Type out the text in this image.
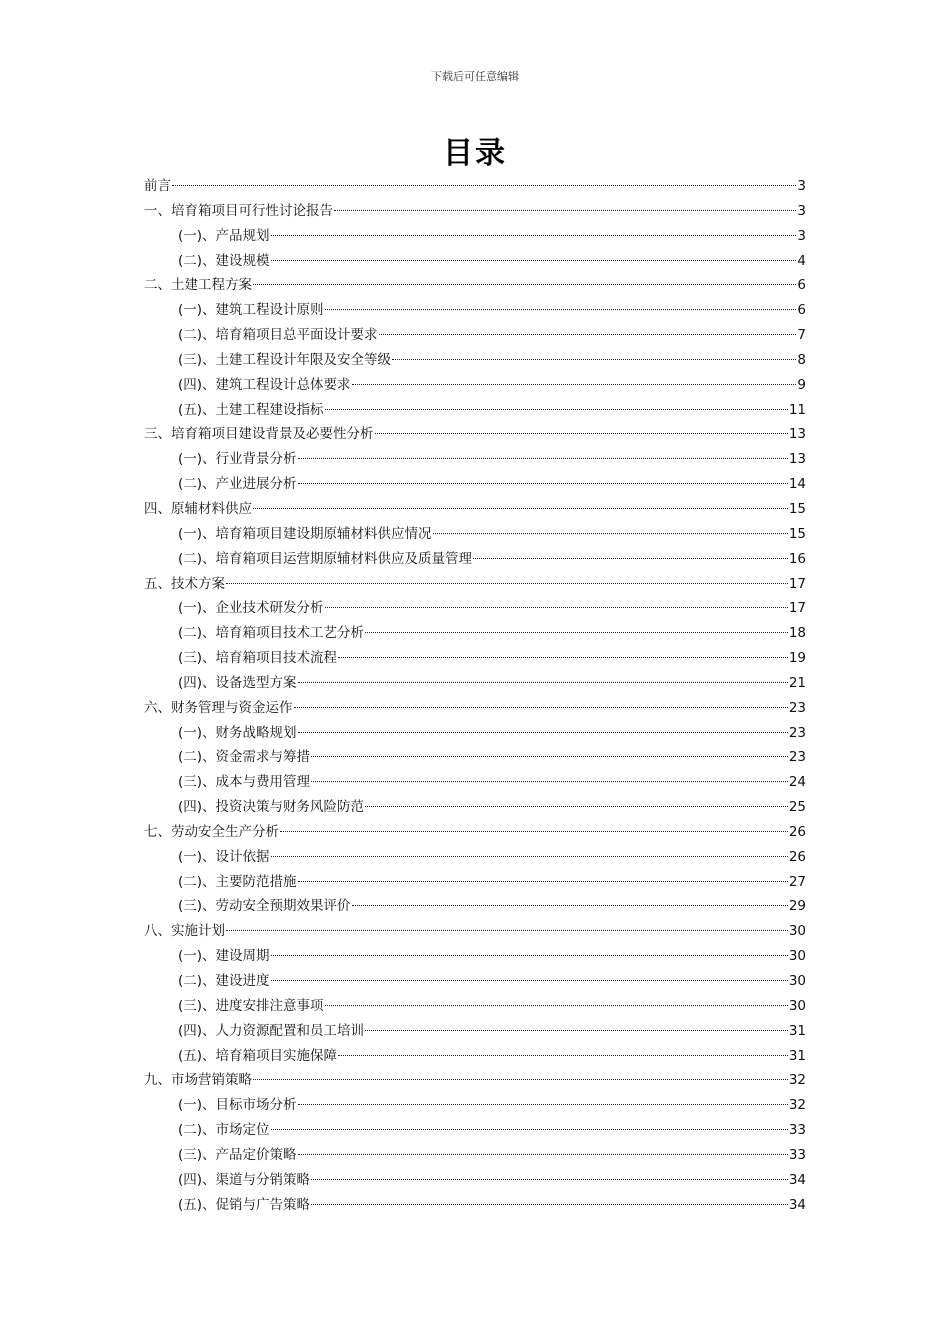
下载后可任意编辑
目录
前言	3
一、培育箱项目可行性讨论报告	3
(一)、产品规划	3
(二)、建设规模	4
二、土建工程方案	6
(一)、建筑工程设计原则	6
(二)、培育箱项目总平面设计要求	7
(三)、土建工程设计年限及安全等级	8
(四)、建筑工程设计总体要求	9
(五)、土建工程建设指标	11
三、培育箱项目建设背景及必要性分析	13
(一)、行业背景分析	13
(二)、产业进展分析	14
四、原辅材料供应	15
(一)、培育箱项目建设期原辅材料供应情况	15
(二)、培育箱项目运营期原辅材料供应及质量管理	16
五、技术方案	17
(一)、企业技术研发分析	17
(二)、培育箱项目技术工艺分析	18
(三)、培育箱项目技术流程	19
(四)、设备选型方案	21
六、财务管理与资金运作	23
(一)、财务战略规划	23
(二)、资金需求与筹措	23
(三)、成本与费用管理	24
(四)、投资决策与财务风险防范	25
七、劳动安全生产分析	26
(一)、设计依据	26
(二)、主要防范措施	27
(三)、劳动安全预期效果评价	29
八、实施计划	30
(一)、建设周期	30
(二)、建设进度	30
(三)、进度安排注意事项	30
(四)、人力资源配置和员工培训	31
(五)、培育箱项目实施保障	31
九、市场营销策略	32
(一)、目标市场分析	32
(二)、市场定位	33
(三)、产品定价策略	33
(四)、渠道与分销策略	34
(五)、促销与广告策略	34
